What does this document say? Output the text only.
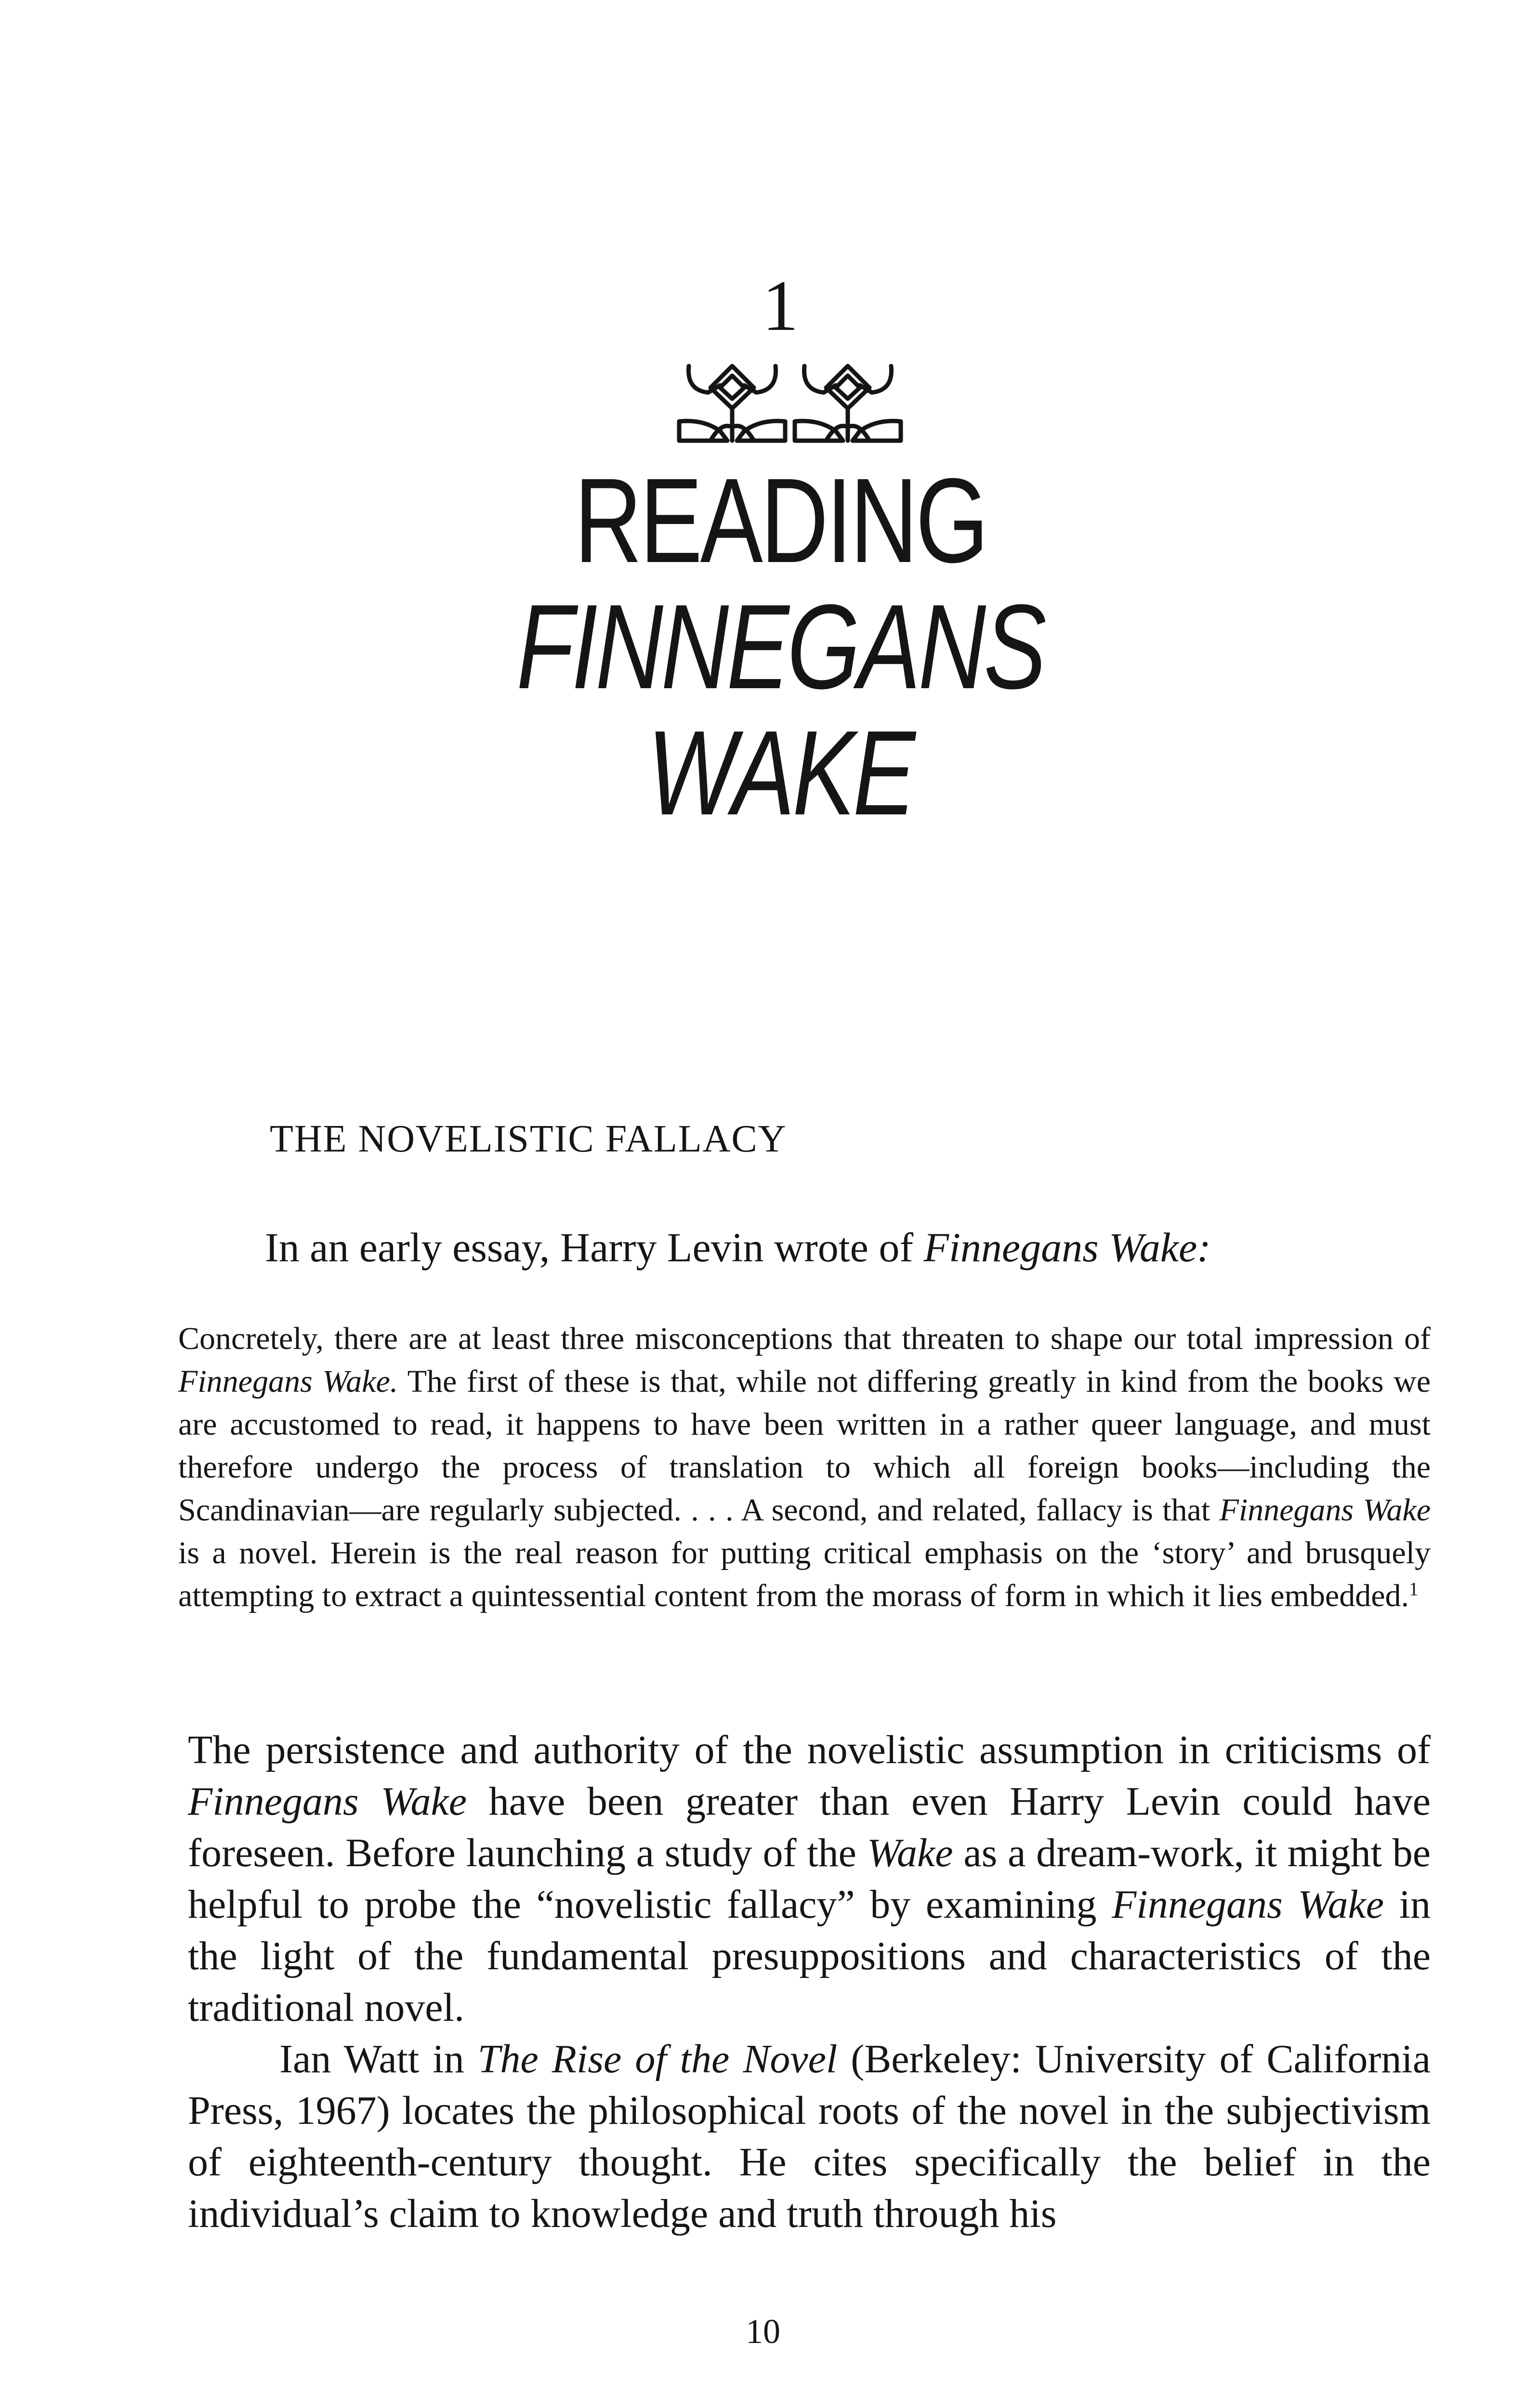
1
READING
FINNEGANS
WAKE
THE NOVELISTIC FALLACY
In an early essay, Harry Levin wrote of Finnegans Wake:
Concretely, there are at least three misconceptions that threaten to shape our total impression of Finnegans Wake. The first of these is that, while not differing greatly in kind from the books we are accustomed to read, it happens to have been written in a rather queer language, and must therefore undergo the process of translation to which all foreign books—including the Scandinavian—are regularly subjected. . . . A second, and related, fallacy is that Finnegans Wake is a novel. Herein is the real reason for putting critical emphasis on the ‘story’ and brusquely attempting to extract a quintessential content from the morass of form in which it lies embedded.$^1$

The persistence and authority of the novelistic assumption in criticisms of Finnegans Wake have been greater than even Harry Levin could have foreseen. Before launching a study of the Wake as a dream-work, it might be helpful to probe the “novelistic fallacy” by examining Finnegans Wake in the light of the fundamental presuppositions and characteristics of the traditional novel.

Ian Watt in The Rise of the Novel (Berkeley: University of California Press, 1967) locates the philosophical roots of the novel in the subjectivism of eighteenth-century thought. He cites specifically the belief in the individual’s claim to knowledge and truth through his

10
